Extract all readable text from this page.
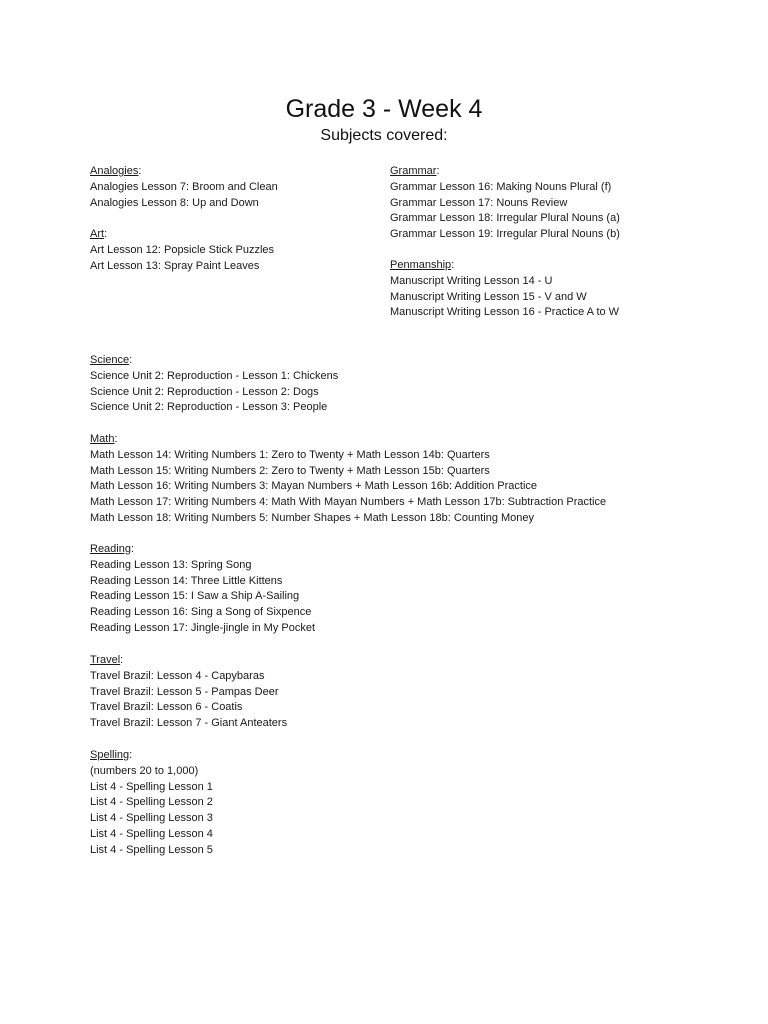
Grade 3 - Week 4
Subjects covered:
Analogies:
Analogies Lesson 7: Broom and Clean
Analogies Lesson 8: Up and Down
Art:
Art Lesson 12: Popsicle Stick Puzzles
Art Lesson 13: Spray Paint Leaves
Grammar:
Grammar Lesson 16: Making Nouns Plural (f)
Grammar Lesson 17: Nouns Review
Grammar Lesson 18: Irregular Plural Nouns (a)
Grammar Lesson 19: Irregular Plural Nouns (b)
Penmanship:
Manuscript Writing Lesson 14 - U
Manuscript Writing Lesson 15 - V and W
Manuscript Writing Lesson 16 - Practice A to W
Science:
Science Unit 2: Reproduction - Lesson 1: Chickens
Science Unit 2: Reproduction - Lesson 2: Dogs
Science Unit 2: Reproduction - Lesson 3: People
Math:
Math Lesson 14: Writing Numbers 1: Zero to Twenty + Math Lesson 14b: Quarters
Math Lesson 15: Writing Numbers 2: Zero to Twenty + Math Lesson 15b: Quarters
Math Lesson 16: Writing Numbers 3: Mayan Numbers + Math Lesson 16b: Addition Practice
Math Lesson 17: Writing Numbers 4: Math With Mayan Numbers + Math Lesson 17b: Subtraction Practice
Math Lesson 18: Writing Numbers 5: Number Shapes + Math Lesson 18b: Counting Money
Reading:
Reading Lesson 13: Spring Song
Reading Lesson 14: Three Little Kittens
Reading Lesson 15: I Saw a Ship A-Sailing
Reading Lesson 16: Sing a Song of Sixpence
Reading Lesson 17: Jingle-jingle in My Pocket
Travel:
Travel Brazil: Lesson 4 - Capybaras
Travel Brazil: Lesson 5 - Pampas Deer
Travel Brazil: Lesson 6 - Coatis
Travel Brazil: Lesson 7 - Giant Anteaters
Spelling:
(numbers 20 to 1,000)
List 4 - Spelling Lesson 1
List 4 - Spelling Lesson 2
List 4 - Spelling Lesson 3
List 4 - Spelling Lesson 4
List 4 - Spelling Lesson 5
